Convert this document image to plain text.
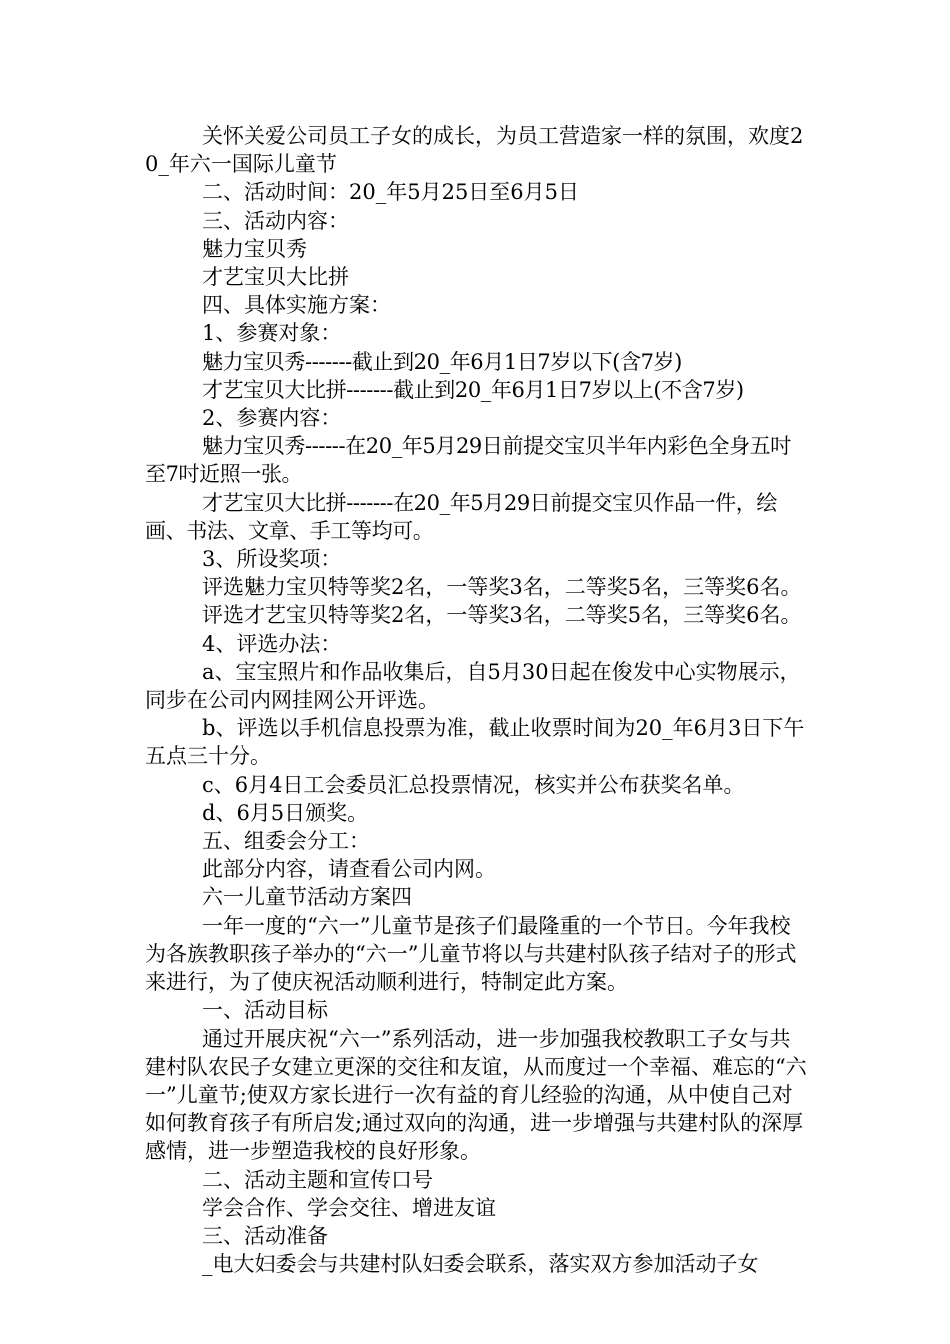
关怀关爱公司员工子女的成长，为员工营造家一样的氛围，欢度20_年六一国际儿童节

二、活动时间：20_年5月25日至6月5日

三、活动内容：

魅力宝贝秀

才艺宝贝大比拼

四、具体实施方案：

1、参赛对象：

魅力宝贝秀-------截止到20_年6月1日7岁以下(含7岁)

才艺宝贝大比拼-------截止到20_年6月1日7岁以上(不含7岁)

2、参赛内容：

魅力宝贝秀------在20_年5月29日前提交宝贝半年内彩色全身五吋至7吋近照一张。

才艺宝贝大比拼-------在20_年5月29日前提交宝贝作品一件，绘画、书法、文章、手工等均可。

3、所设奖项：

评选魅力宝贝特等奖2名，一等奖3名，二等奖5名，三等奖6名。

评选才艺宝贝特等奖2名，一等奖3名，二等奖5名，三等奖6名。

4、评选办法：

a、宝宝照片和作品收集后，自5月30日起在俊发中心实物展示，同步在公司内网挂网公开评选。

b、评选以手机信息投票为准，截止收票时间为20_年6月3日下午五点三十分。

c、6月4日工会委员汇总投票情况，核实并公布获奖名单。

d、6月5日颁奖。

五、组委会分工：

此部分内容，请查看公司内网。

六一儿童节活动方案四

一年一度的“六一”儿童节是孩子们最隆重的一个节日。今年我校为各族教职孩子举办的“六一”儿童节将以与共建村队孩子结对子的形式来进行，为了使庆祝活动顺利进行，特制定此方案。

一、活动目标

通过开展庆祝“六一”系列活动，进一步加强我校教职工子女与共建村队农民子女建立更深的交往和友谊，从而度过一个幸福、难忘的“六一”儿童节;使双方家长进行一次有益的育儿经验的沟通，从中使自己对如何教育孩子有所启发;通过双向的沟通，进一步增强与共建村队的深厚感情，进一步塑造我校的良好形象。

二、活动主题和宣传口号

学会合作、学会交往、增进友谊

三、活动准备

_电大妇委会与共建村队妇委会联系，落实双方参加活动子女
